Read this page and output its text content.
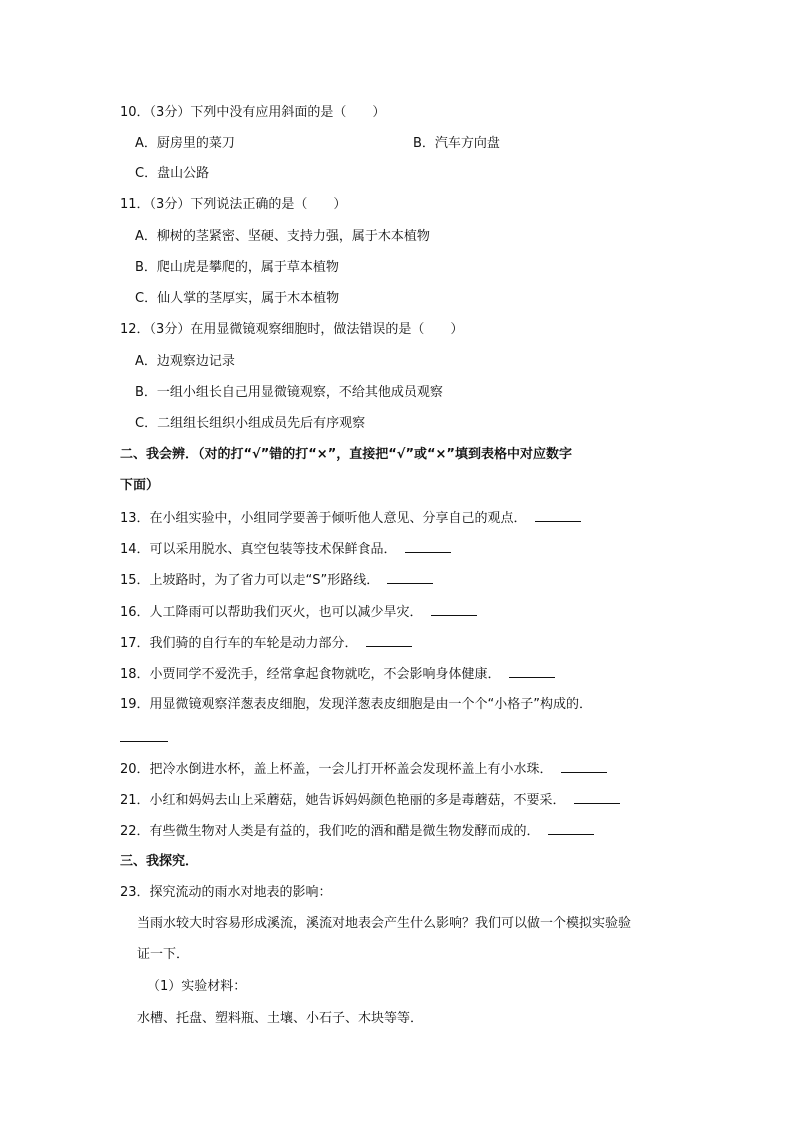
10．（3分）下列中没有应用斜面的是（　　）
A．厨房里的菜刀	B．汽车方向盘
C．盘山公路
11．（3分）下列说法正确的是（　　）
A．柳树的茎紧密、坚硬、支持力强，属于木本植物
B．爬山虎是攀爬的，属于草本植物
C．仙人掌的茎厚实，属于木本植物
12．（3分）在用显微镜观察细胞时，做法错误的是（　　）
A．边观察边记录
B．一组小组长自己用显微镜观察，不给其他成员观察
C．二组组长组织小组成员先后有序观察
二、我会辨．（对的打“√”错的打“×”，直接把“√”或“×”填到表格中对应数字
下面）
13．在小组实验中，小组同学要善于倾听他人意见、分享自己的观点．
14．可以采用脱水、真空包装等技术保鲜食品．
15．上坡路时，为了省力可以走“S”形路线．
16．人工降雨可以帮助我们灭火，也可以减少旱灾．
17．我们骑的自行车的车轮是动力部分．
18．小贾同学不爱洗手，经常拿起食物就吃，不会影响身体健康．
19．用显微镜观察洋葱表皮细胞，发现洋葱表皮细胞是由一个个“小格子”构成的．
20．把冷水倒进水杯，盖上杯盖，一会儿打开杯盖会发现杯盖上有小水珠．
21．小红和妈妈去山上采蘑菇，她告诉妈妈颜色艳丽的多是毒蘑菇，不要采．
22．有些微生物对人类是有益的，我们吃的酒和醋是微生物发酵而成的．
三、我探究．
23．探究流动的雨水对地表的影响：
当雨水较大时容易形成溪流，溪流对地表会产生什么影响？我们可以做一个模拟实验验
证一下．
（1）实验材料：
水槽、托盘、塑料瓶、土壤、小石子、木块等等．
